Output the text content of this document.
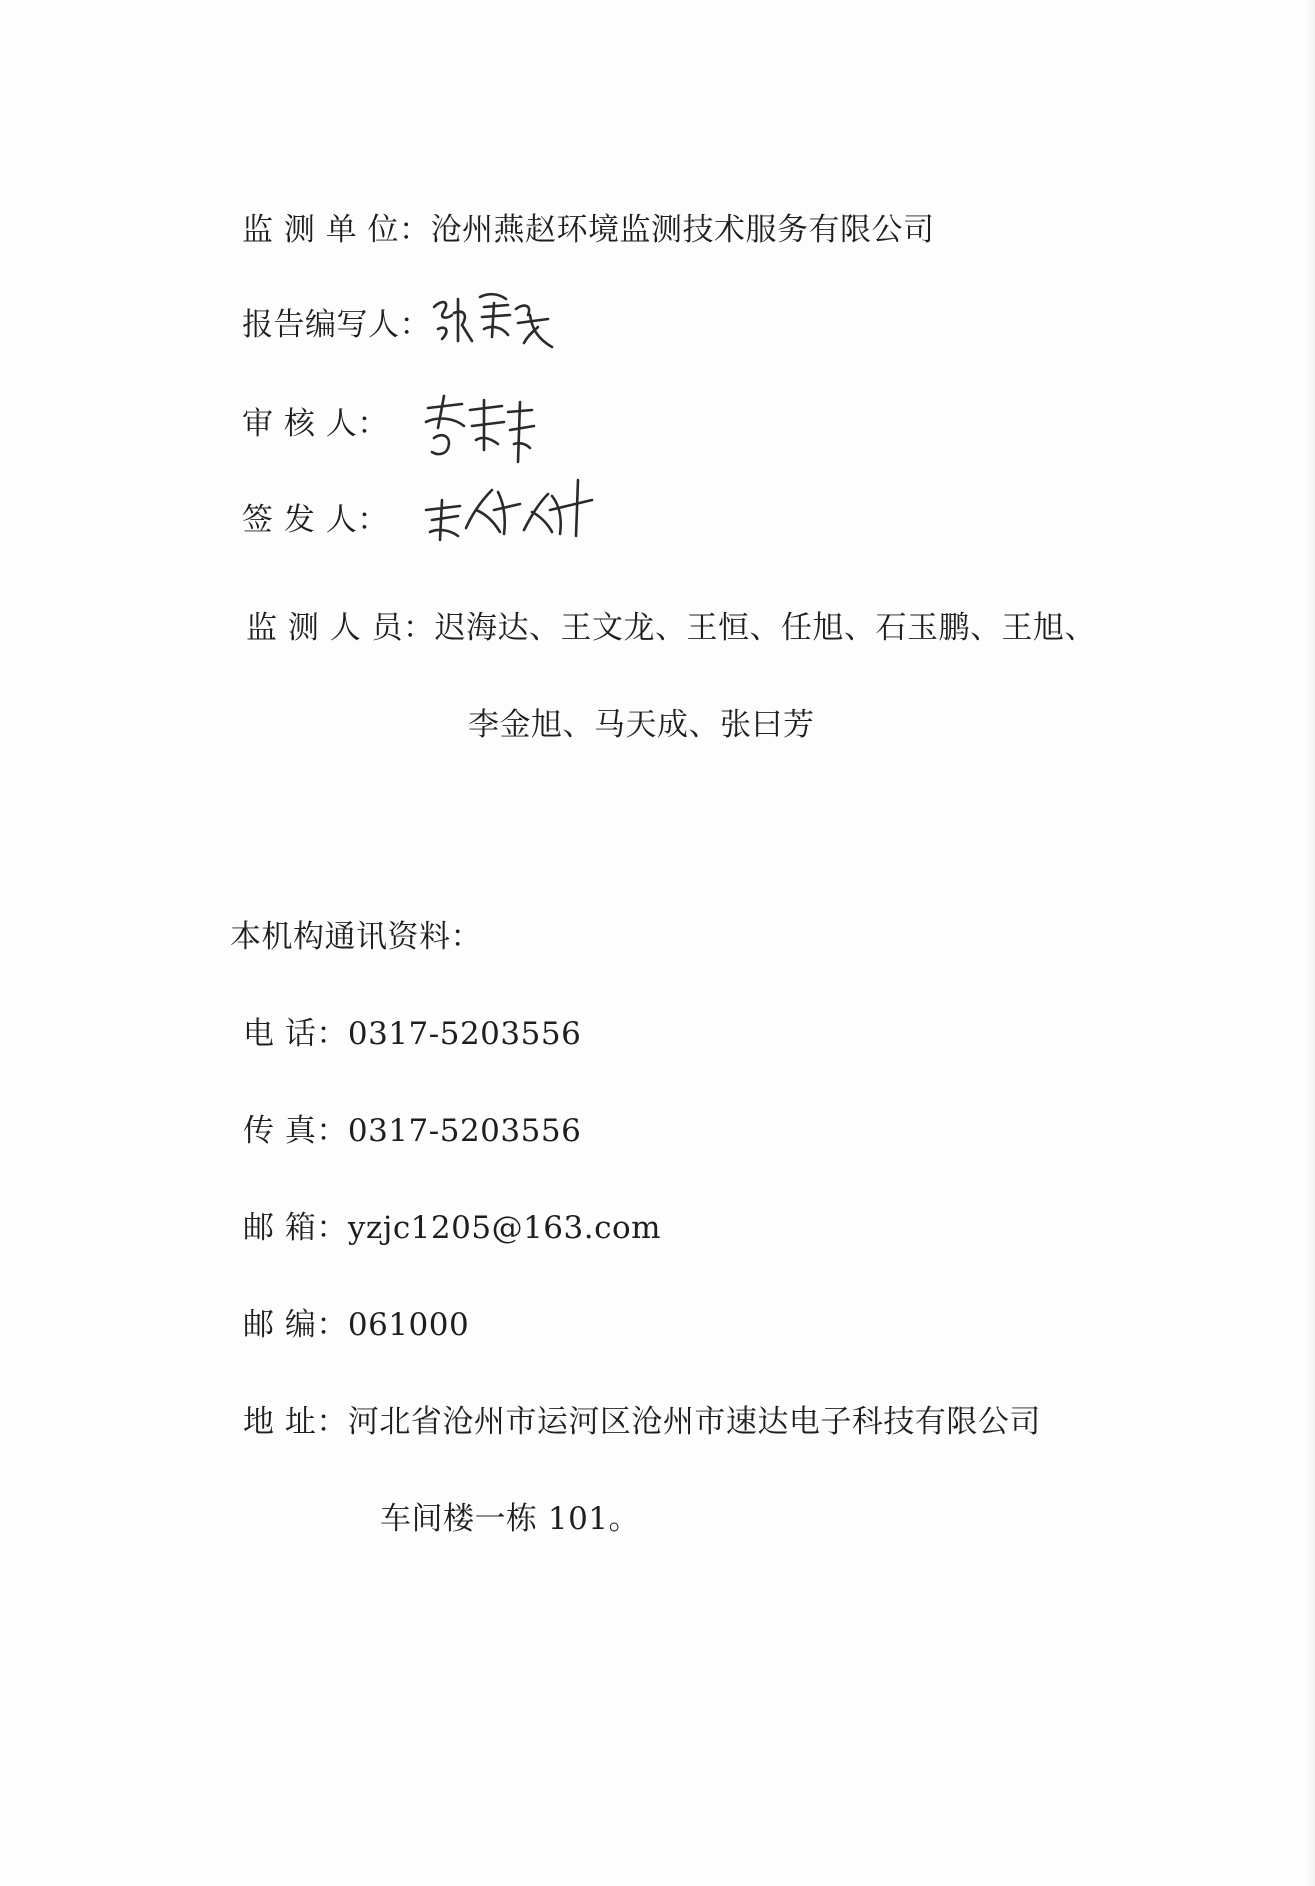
监 测 单 位：沧州燕赵环境监测技术服务有限公司
报告编写人：
审 核 人：
签 发 人：
监 测 人 员：迟海达、王文龙、王恒、任旭、石玉鹏、王旭、
李金旭、马天成、张曰芳
本机构通讯资料：
电 话：0317-5203556
传 真：0317-5203556
邮 箱：yzjc1205@163.com
邮 编：061000
地 址：河北省沧州市运河区沧州市速达电子科技有限公司
车间楼一栋 101。
